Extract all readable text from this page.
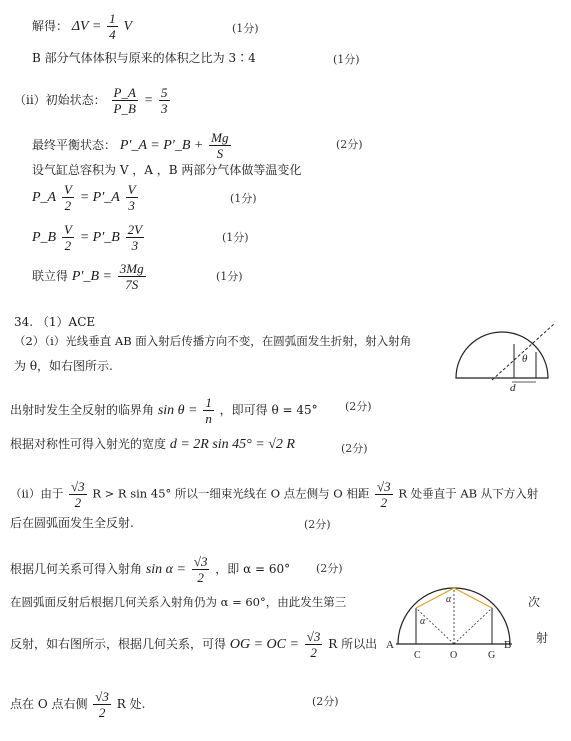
解得： $\Delta V = \frac{1}{4}$ V	(1分)
B 部分气体体积与原来的体积之比为 3∶4	(1分)
（ii）初始状态： $\frac{P\_A}{P\_B} = \frac{5}{3}$
最终平衡状态： P′_A = P′_B + $\frac{Mg}{S}$	(2分)
设气缸总容积为 V ，A ，B 两部分气体做等温变化
P_A $\frac{V}{2}$ = P′_A $\frac{V}{3}$	(1分)
P_B $\frac{V}{2}$ = P′_B $\frac{2V}{3}$	(1分)
联立得 P′_B = $\frac{3Mg}{7S}$	(1分)
34. （1）ACE
（2）（i）光线垂直 AB 面入射后传播方向不变，在圆弧面发生折射，射入射角
为 θ，如右图所示.	θ
d
出射时发生全反射的临界角 $\sin \theta = \frac{1}{n}$ ，即可得 θ = 45° (2分)
根据对称性可得入射光的宽度 d = 2R sin 45° = √2 R	(2分)
（ii）由于 $\frac{√3}{2}$ R > R sin 45° 所以一细束光线在 O 点左侧与 O 相距 $\frac{√3}{2}$ R 处垂直于 AB 从下方入射
后在圆弧面发生全反射.	(2分)
根据几何关系可得入射角 $\sin \alpha = \frac{√3}{2}$ ，即 α = 60° (2分)
在圆弧面反射后根据几何关系入射角仍为 α = 60°，由此发生第三	次
反射，如右图所示，根据几何关系，可得 OG = OC = $\frac{√3}{2}$ R 所以出	射
α
α
A	B
C	O	G
点在 O 点右侧 $\frac{√3}{2}$ R 处.	(2分)
